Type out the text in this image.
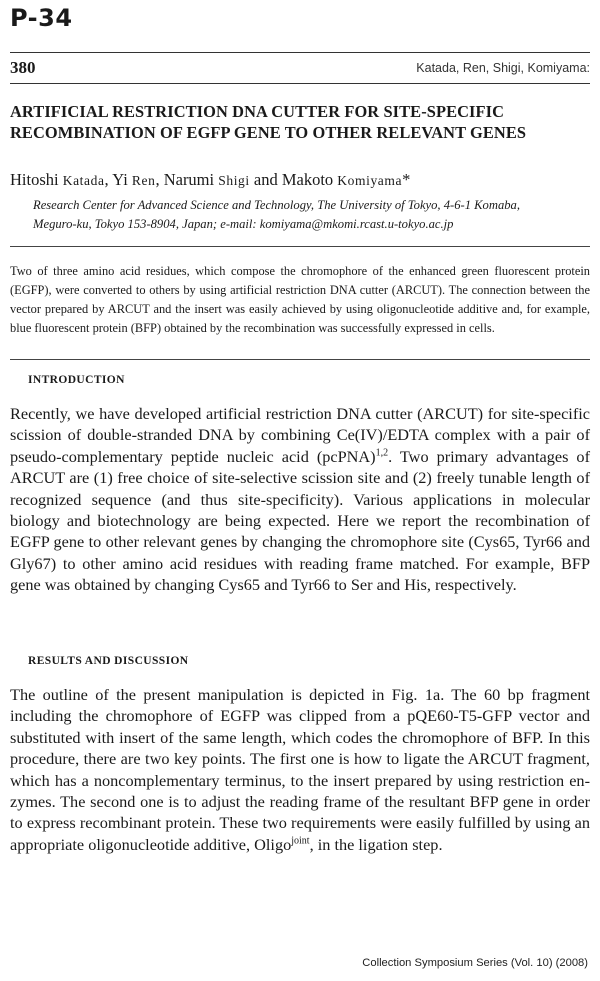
P-34
380	Katada, Ren, Shigi, Komiyama:
ARTIFICIAL RESTRICTION DNA CUTTER FOR SITE-SPECIFIC
RECOMBINATION OF EGFP GENE TO OTHER RELEVANT GENES
Hitoshi Katada, Yi Ren, Narumi Shigi and Makoto Komiyama*
Research Center for Advanced Science and Technology, The University of Tokyo, 4-6-1 Komaba,
Meguro-ku, Tokyo 153-8904, Japan; e-mail: komiyama@mkomi.rcast.u-tokyo.ac.jp
Two of three amino acid residues, which compose the chromophore of the enhanced green fluorescent protein (EGFP), were converted to others by using artificial restriction DNA cutter (ARCUT). The connection between the vector prepared by ARCUT and the insert was easily achieved by using oligonucleotide additive and, for example, blue fluorescent protein (BFP) obtained by the recombination was successfully expressed in cells.
INTRODUCTION
Recently, we have developed artificial restriction DNA cutter (ARCUT) for site-specific scission of double-stranded DNA by combining Ce(IV)/EDTA complex with a pair of pseudo-complementary peptide nucleic acid (pcPNA)$^{1,2}$. Two primary advantages of ARCUT are (1) free choice of site-selective scission site and (2) freely tunable length of recognized sequence (and thus site-specificity). Various applications in molecular biology and biotechnology are being expected. Here we report the recombination of EGFP gene to other relevant genes by changing the chromophore site (Cys65, Tyr66 and Gly67) to other amino acid residues with reading frame matched. For example, BFP gene was obtained by changing Cys65 and Tyr66 to Ser and His, respectively.
RESULTS AND DISCUSSION
The outline of the present manipulation is depicted in Fig. 1a. The 60 bp fragment including the chromophore of EGFP was clipped from a pQE60-T5-GFP vector and substituted with insert of the same length, which codes the chromophore of BFP. In this procedure, there are two key points. The first one is how to ligate the ARCUT fragment, which has a noncomplementary terminus, to the insert prepared by using restriction enzymes. The second one is to adjust the reading frame of the resultant BFP gene in order to express recombinant protein. These two requirements were easily fulfilled by using an appropriate oligonucleotide additive, Oligo$^{joint}$, in the ligation step.
Collection Symposium Series (Vol. 10) (2008)
